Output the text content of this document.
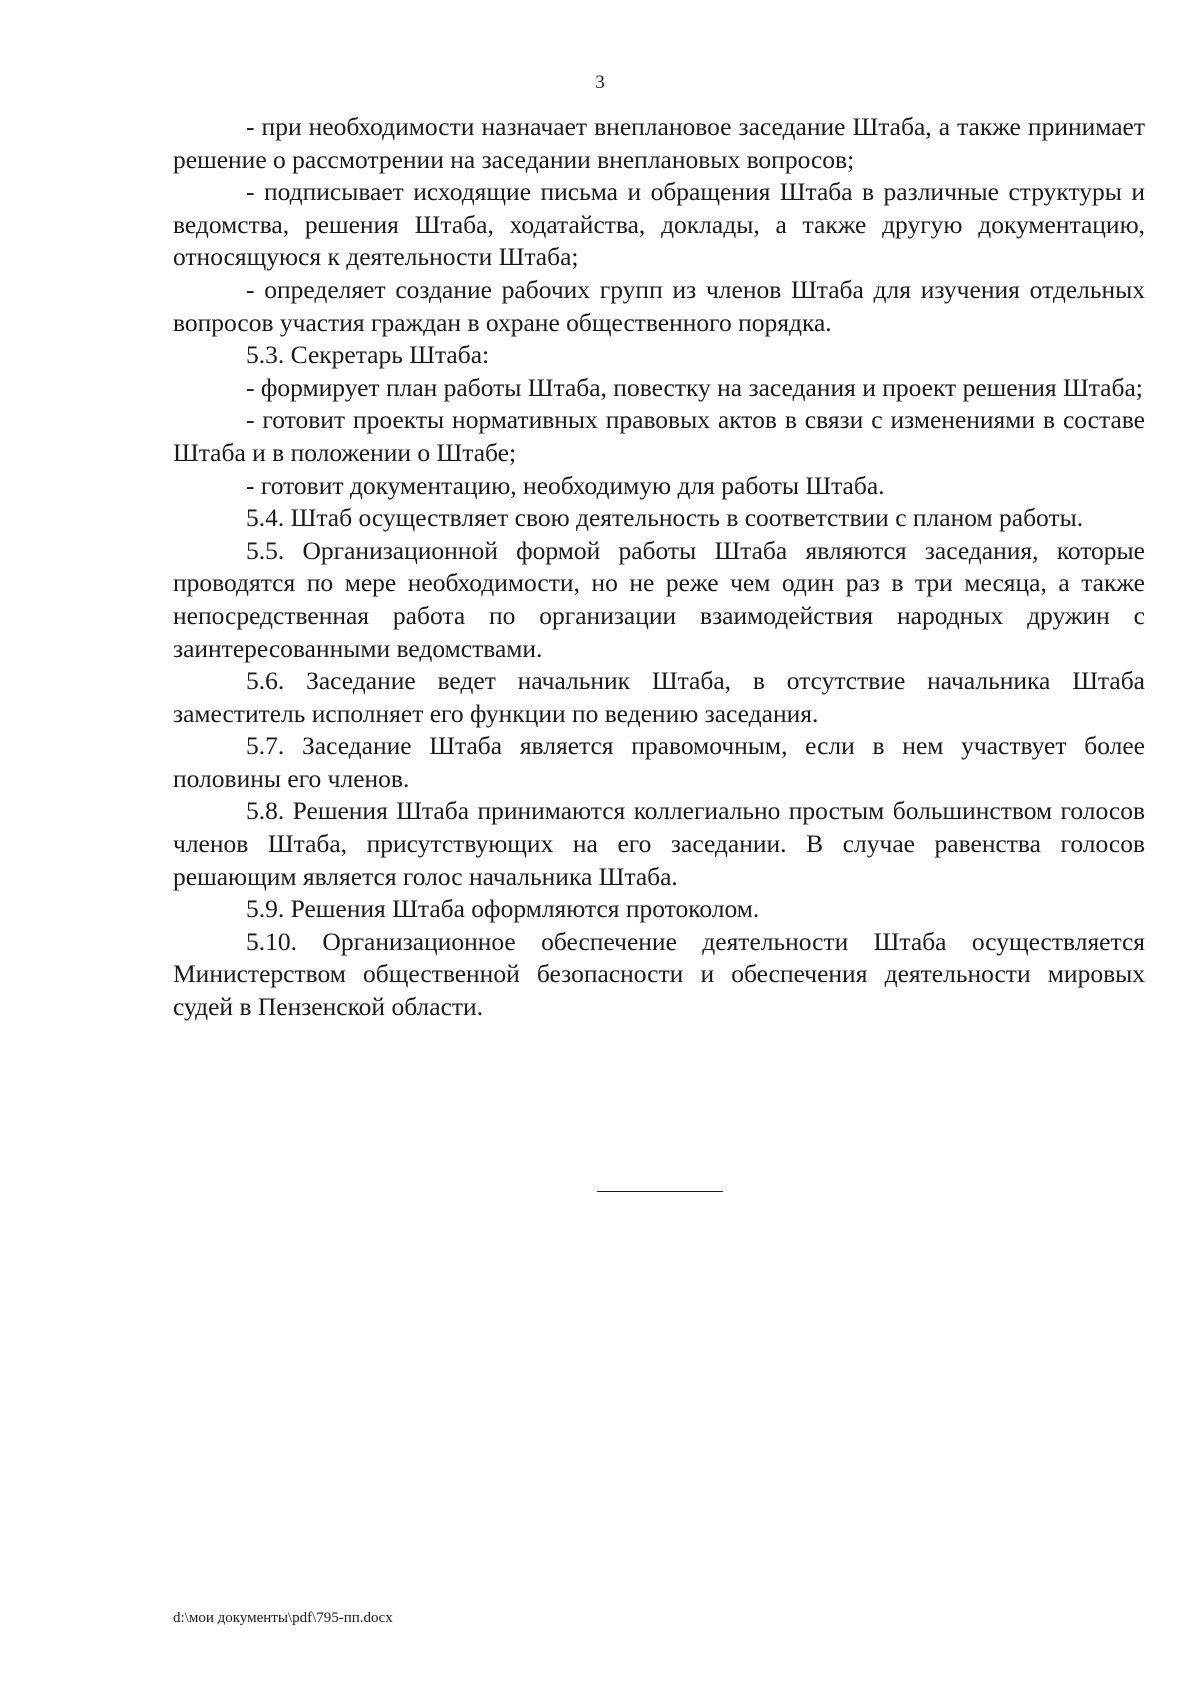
3

- при необходимости назначает внеплановое заседание Штаба, а также принимает решение о рассмотрении на заседании внеплановых вопросов;

- подписывает исходящие письма и обращения Штаба в различные структуры и ведомства, решения Штаба, ходатайства, доклады, а также другую документацию, относящуюся к деятельности Штаба;

- определяет создание рабочих групп из членов Штаба для изучения отдельных вопросов участия граждан в охране общественного порядка.

5.3. Секретарь Штаба:

- формирует план работы Штаба, повестку на заседания и проект решения Штаба;

- готовит проекты нормативных правовых актов в связи с изменениями в составе Штаба и в положении о Штабе;

- готовит документацию, необходимую для работы Штаба.

5.4. Штаб осуществляет свою деятельность в соответствии с планом работы.

5.5. Организационной формой работы Штаба являются заседания, которые проводятся по мере необходимости, но не реже чем один раз в три месяца, а также непосредственная работа по организации взаимодействия народных дружин с заинтересованными ведомствами.

5.6. Заседание ведет начальник Штаба, в отсутствие начальника Штаба заместитель исполняет его функции по ведению заседания.

5.7. Заседание Штаба является правомочным, если в нем участвует более половины его членов.

5.8. Решения Штаба принимаются коллегиально простым большинством голосов членов Штаба, присутствующих на его заседании. В случае равенства голосов решающим является голос начальника Штаба.

5.9. Решения Штаба оформляются протоколом.

5.10. Организационное обеспечение деятельности Штаба осуществляется Министерством общественной безопасности и обеспечения деятельности мировых судей в Пензенской области.

d:\мои документы\pdf\795-пп.docx
